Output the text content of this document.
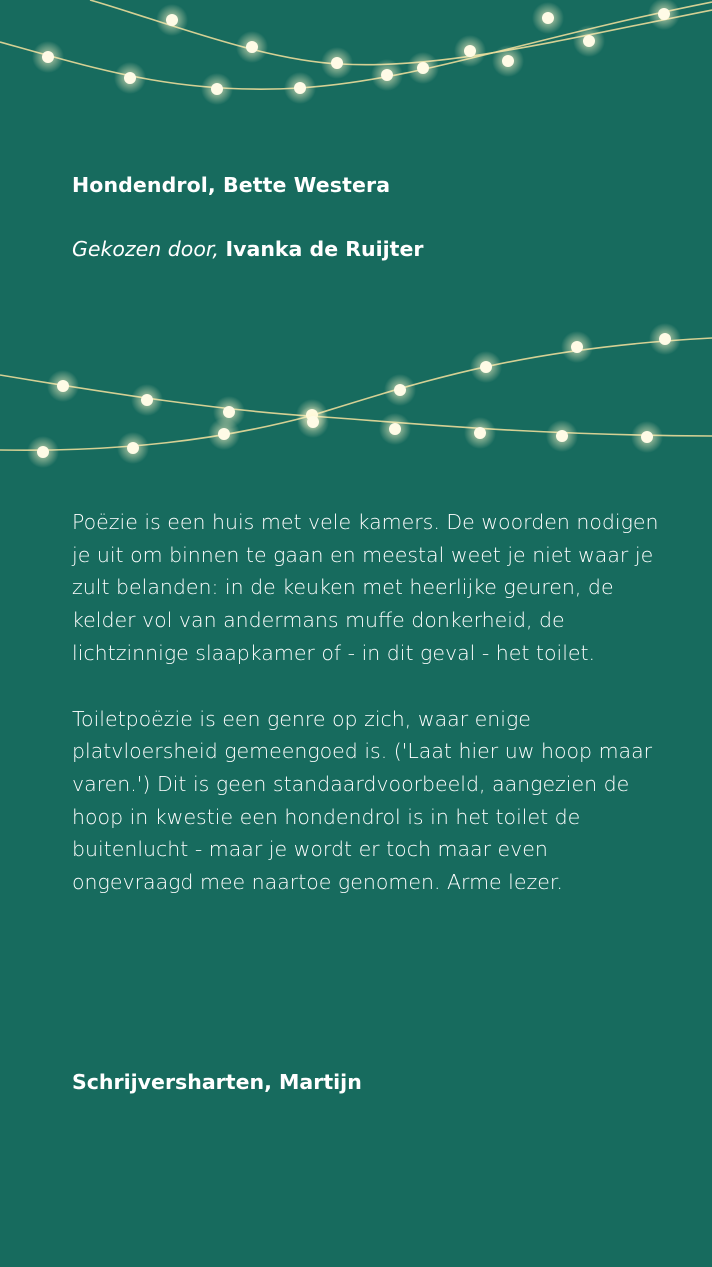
Hondendrol, Bette Westera

Gekozen door, Ivanka de Ruijter

Poëzie is een huis met vele kamers. De woorden nodigen je uit om binnen te gaan en meestal weet je niet waar je zult belanden: in de keuken met heerlijke geuren, de kelder vol van andermans muffe donkerheid, de lichtzinnige slaapkamer of - in dit geval - het toilet.

Toiletpoëzie is een genre op zich, waar enige platvloersheid gemeengoed is. ('Laat hier uw hoop maar varen.') Dit is geen standaardvoorbeeld, aangezien de hoop in kwestie een hondendrol is in het toilet de buitenlucht - maar je wordt er toch maar even ongevraagd mee naartoe genomen. Arme lezer.

Schrijversharten, Martijn
